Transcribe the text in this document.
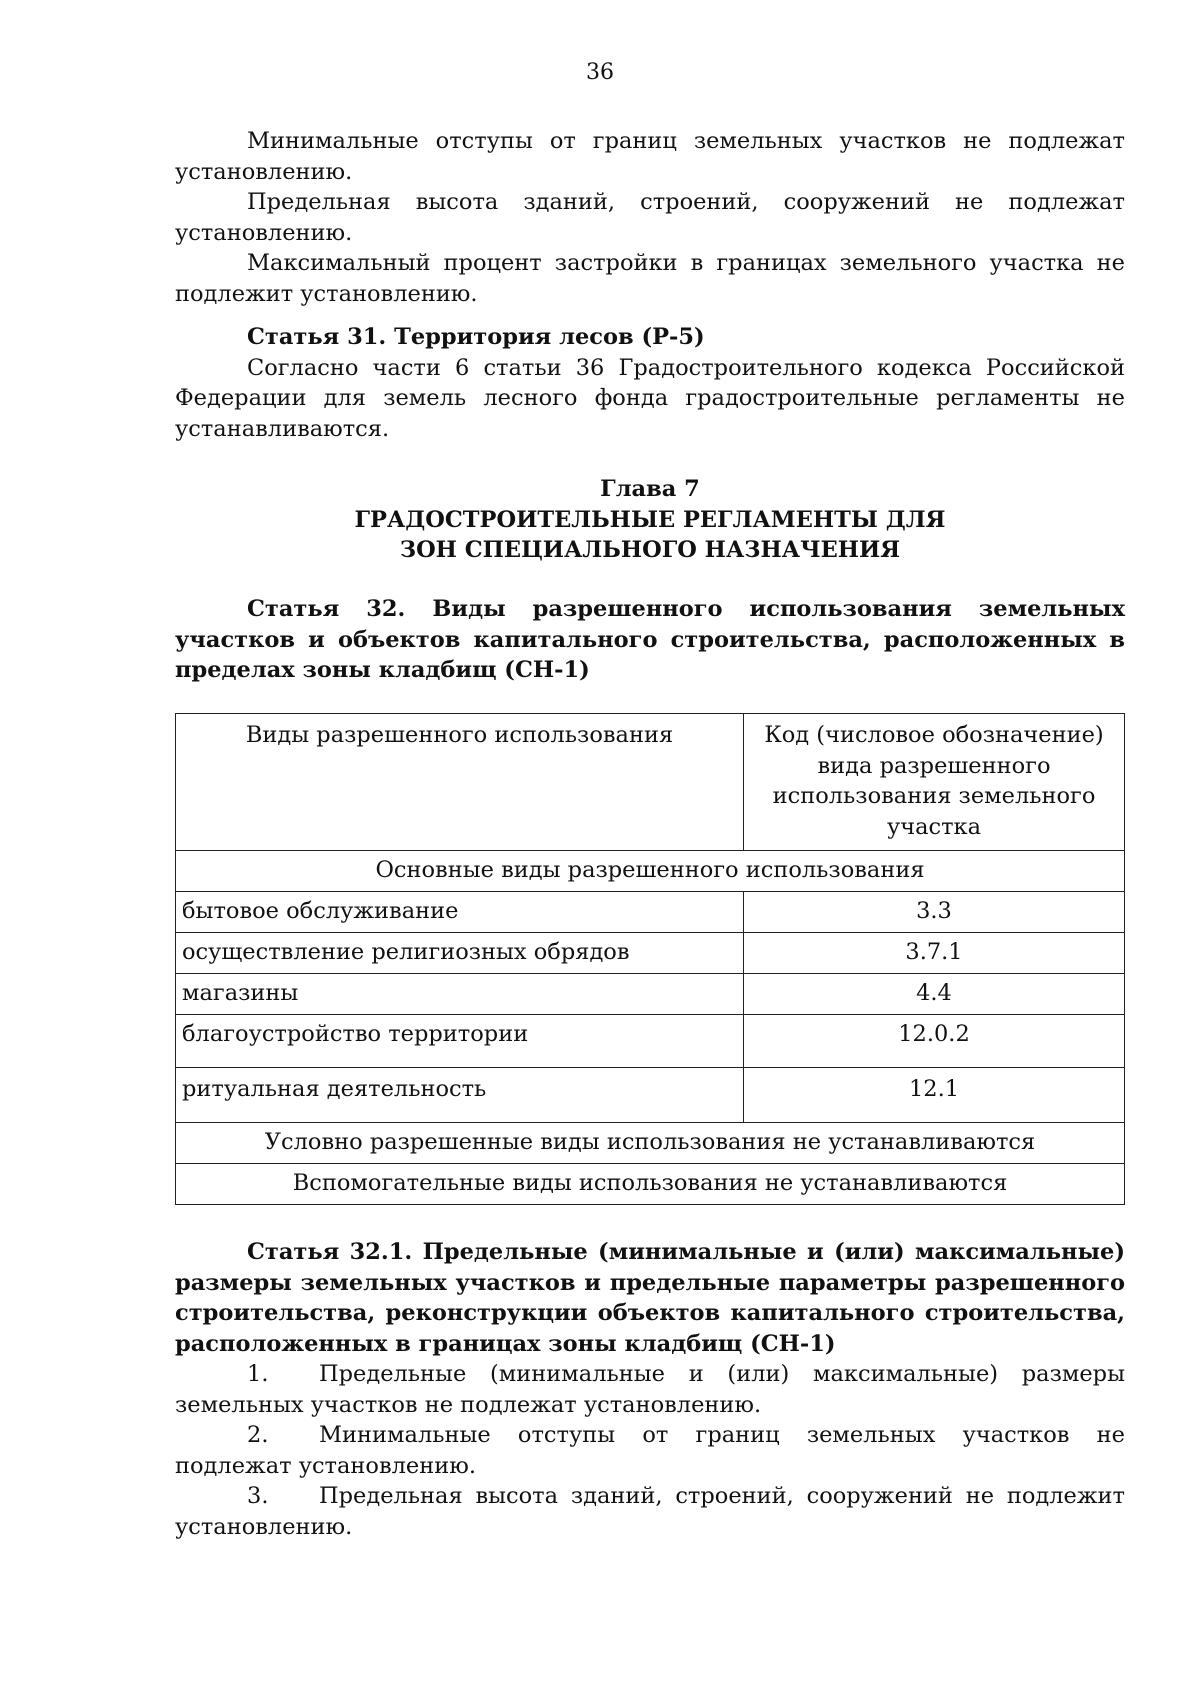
36

Минимальные отступы от границ земельных участков не подлежат установлению.

Предельная высота зданий, строений, сооружений не подлежат установлению.

Максимальный процент застройки в границах земельного участка не подлежит установлению.

Статья 31. Территория лесов (Р-5)

Согласно части 6 статьи 36 Градостроительного кодекса Российской Федерации для земель лесного фонда градостроительные регламенты не устанавливаются.

Глава 7

ГРАДОСТРОИТЕЛЬНЫЕ РЕГЛАМЕНТЫ ДЛЯ

ЗОН СПЕЦИАЛЬНОГО НАЗНАЧЕНИЯ

Статья 32. Виды разрешенного использования земельных участков и объектов капитального строительства, расположенных в пределах зоны кладбищ (СН-1)

Виды разрешенного использования	Код (числовое обозначение) вида разрешенного использования земельного участка
Основные виды разрешенного использования	
бытовое обслуживание	3.3
осуществление религиозных обрядов	3.7.1
магазины	4.4
благоустройство территории	12.0.2
ритуальная деятельность	12.1
Условно разрешенные виды использования не устанавливаются	
Вспомогательные виды использования не устанавливаются	

Статья 32.1. Предельные (минимальные и (или) максимальные) размеры земельных участков и предельные параметры разрешенного строительства, реконструкции объектов капитального строительства, расположенных в границах зоны кладбищ (СН-1)

1. Предельные (минимальные и (или) максимальные) размеры земельных участков не подлежат установлению.

2. Минимальные отступы от границ земельных участков не подлежат установлению.

3. Предельная высота зданий, строений, сооружений не подлежит установлению.
